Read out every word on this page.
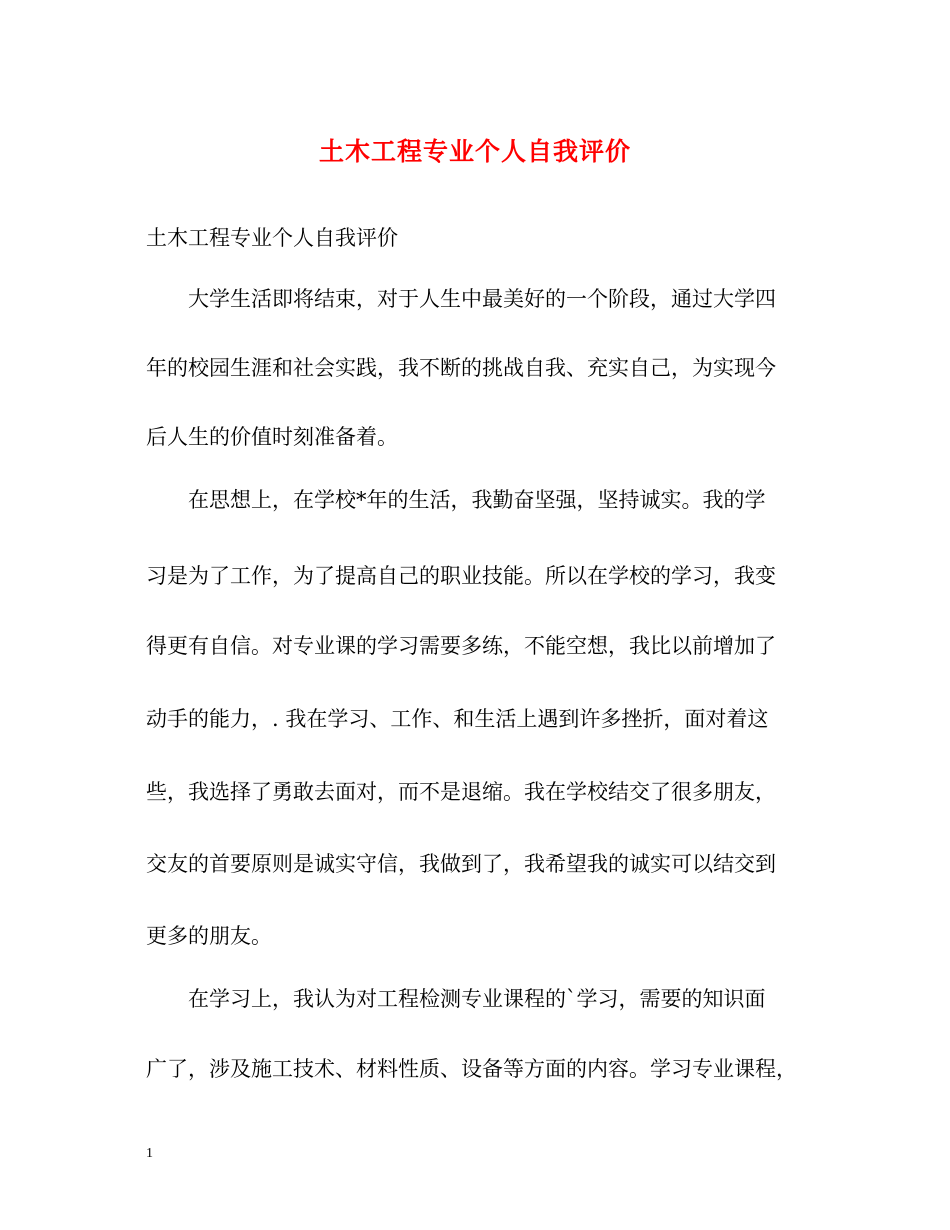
土木工程专业个人自我评价
土木工程专业个人自我评价
　　大学生活即将结束，对于人生中最美好的一个阶段，通过大学四
年的校园生涯和社会实践，我不断的挑战自我、充实自己，为实现今
后人生的价值时刻准备着。
　　在思想上，在学校*年的生活，我勤奋坚强，坚持诚实。我的学
习是为了工作，为了提高自己的职业技能。所以在学校的学习，我变
得更有自信。对专业课的学习需要多练，不能空想，我比以前增加了
动手的能力，. 我在学习、工作、和生活上遇到许多挫折，面对着这
些，我选择了勇敢去面对，而不是退缩。我在学校结交了很多朋友，
交友的首要原则是诚实守信，我做到了，我希望我的诚实可以结交到
更多的朋友。
　　在学习上，我认为对工程检测专业课程的`学习，需要的知识面
广了，涉及施工技术、材料性质、设备等方面的内容。学习专业课程，
1
